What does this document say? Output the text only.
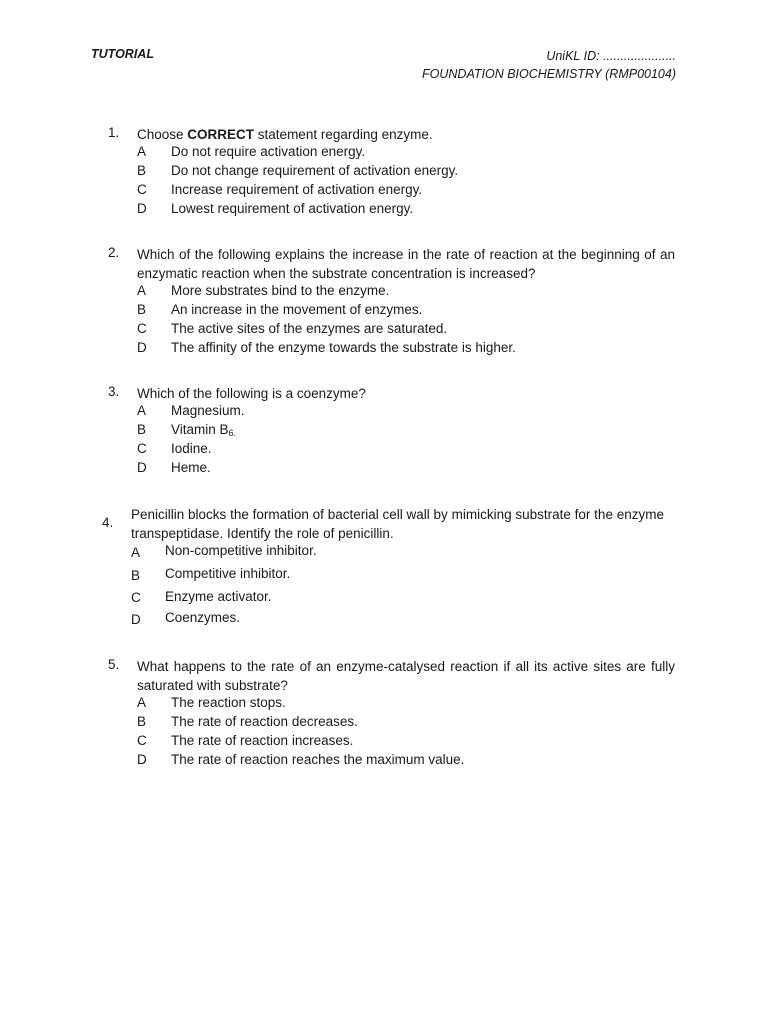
TUTORIAL	UniKL ID: .....................
FOUNDATION BIOCHEMISTRY (RMP00104)
1. Choose CORRECT statement regarding enzyme.
A Do not require activation energy.
B Do not change requirement of activation energy.
C Increase requirement of activation energy.
D Lowest requirement of activation energy.
2. Which of the following explains the increase in the rate of reaction at the beginning of an enzymatic reaction when the substrate concentration is increased?
A More substrates bind to the enzyme.
B An increase in the movement of enzymes.
C The active sites of the enzymes are saturated.
D The affinity of the enzyme towards the substrate is higher.
3. Which of the following is a coenzyme?
A Magnesium.
B Vitamin $B_{6.}$
C Iodine.
D Heme.
4.
Penicillin blocks the formation of bacterial cell wall by mimicking substrate for the enzyme transpeptidase. Identify the role of penicillin.
A Non-competitive inhibitor.
B Competitive inhibitor.
C Enzyme activator.
D Coenzymes.
5. What happens to the rate of an enzyme-catalysed reaction if all its active sites are fully saturated with substrate?
A The reaction stops.
B The rate of reaction decreases.
C The rate of reaction increases.
D The rate of reaction reaches the maximum value.
